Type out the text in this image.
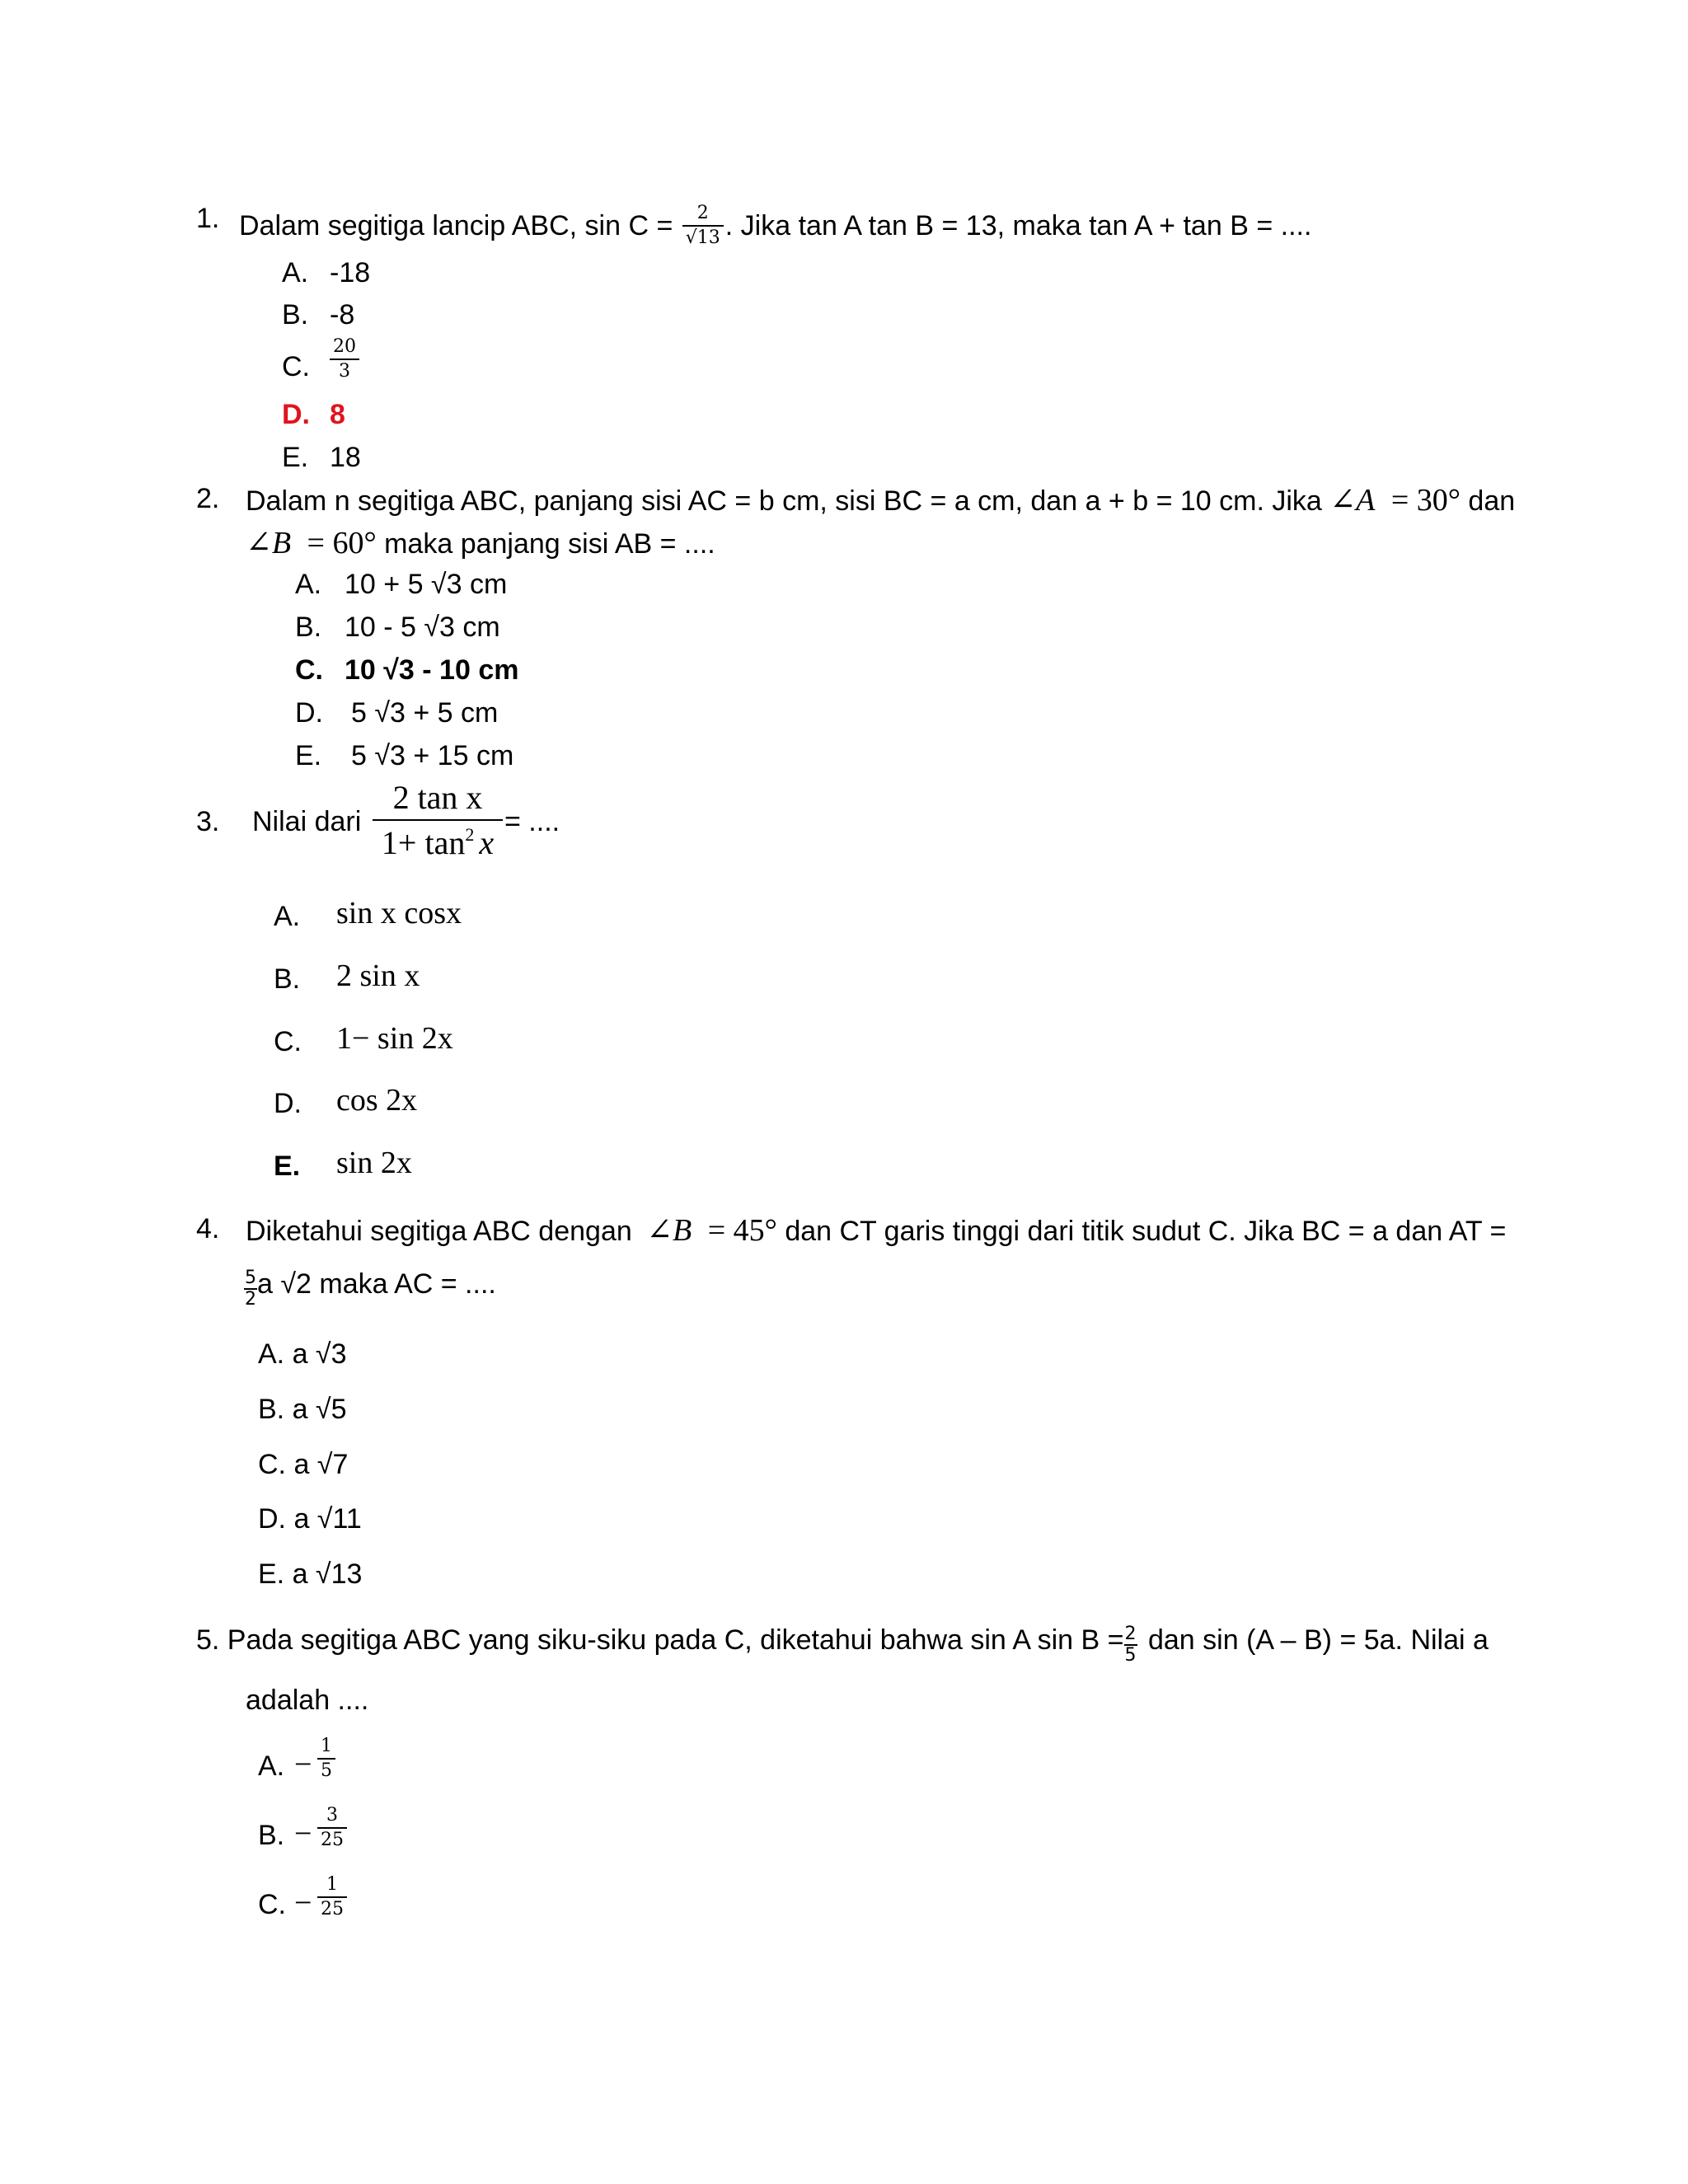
1. Dalam segitiga lancip ABC, $\sin C = \frac{2}{√13}$ . Jika tan A tan B = 13, maka tan A + tan B = ....
A. -18
B. -8
C. $\frac{20}{3}$
D. 8
E. 18
2. Dalam n segitiga ABC, panjang sisi AC = b cm, sisi BC = a cm, dan a + b = 10 cm. Jika ∠A = 30° dan
∠B = 60° maka panjang sisi AB = ....
A. 10 + 5 √3 cm
B. 10 - 5 √3 cm
C. 10 √3 - 10 cm
D. 5 √3 + 5 cm
E. 5 √3 + 15 cm
3. Nilai dari $\frac{\text{2 tan x}}{1+ \tan^2 x}$ = ....
A. sin x cosx
B. 2 sin x
C. 1− sin 2x
D. cos 2x
E. sin 2x
4. Diketahui segitiga ABC dengan ∠B = 45° dan CT garis tinggi dari titik sudut C. Jika BC = a dan AT =
$\frac{5}{2}$ a √2 maka AC = ....
A. a √3
B. a √5
C. a √7
D. a √11
E. a √13
5. Pada segitiga ABC yang siku-siku pada C, diketahui bahwa sin A $\sin B = \frac{2}{5}$ dan sin (A – B) = 5a. Nilai a
adalah ....
A. − $\frac{1}{5}$
B. − $\frac{3}{25}$
C. − $\frac{1}{25}$
